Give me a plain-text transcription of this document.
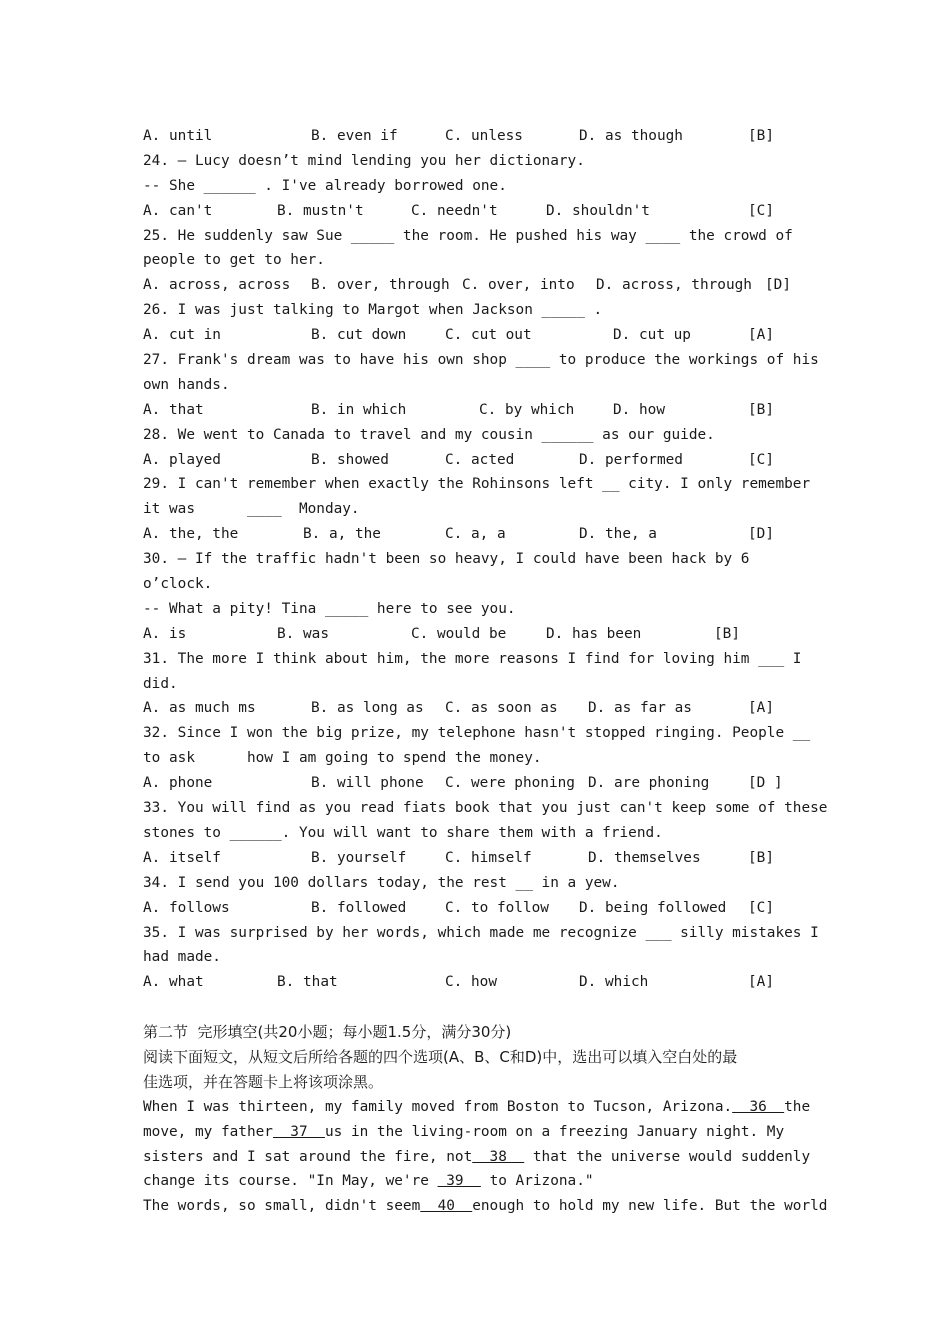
A. until

	B. even if

	C. unless

	D. as though

	[B]

24. – Lucy doesn’t mind lending you her dictionary.
-- She ______ . I've already borrowed one.

A. can't

	B. mustn't

	C. needn't

	D. shouldn't

	[C]

25. He suddenly saw Sue _____ the room. He pushed his way ____ the crowd of
people to get to her.

A. across, across

B. over, through

C. over, into

D. across, through

[D]

26. I was just talking to Margot when Jackson _____ .

A. cut in

	B. cut down

	C. cut out

	D. cut up

	[A]

27. Frank's dream was to have his own shop ____ to produce the workings of his
own hands.

A. that

	B. in which

	C. by which

	D. how

	[B]

28. We went to Canada to travel and my cousin ______ as our guide.

A. played

	B. showed

	C. acted

	D. performed

	[C]

29. I can't remember when exactly the Rohinsons left __ city. I only remember
it was      ____  Monday.

A. the, the

	B. a, the

	C. a, a

	D. the, a

	[D]

30. – If the traffic hadn't been so heavy, I could have been hack by 6
o’clock.
-- What a pity! Tina _____ here to see you.

A. is

	B. was

	C. would be

	D. has been

	[B]

31. The more I think about him, the more reasons I find for loving him ___ I
did.

A. as much ms

	B. as long as

C. as soon as

D. as far as

	[A]

32. Since I won the big prize, my telephone hasn't stopped ringing. People __
to ask      how I am going to spend the money.

A. phone

	B. will phone

C. were phoning

D. are phoning

	[D ]

33. You will find as you read fiats book that you just can't keep some of these
stones to ______. You will want to share them with a friend.

A. itself

	B. yourself

	C. himself

	D. themselves

	[B]

34. I send you 100 dollars today, the rest __ in a yew.

A. follows

	B. followed

	C. to follow

D. being followed

[C]

35. I was surprised by her words, which made me recognize ___ silly mistakes I
had made.

A. what

	B. that

	C. how

	D. which

	[A]

第二节  完形填空(共20小题；每小题1.5分，满分30分)
阅读下面短文，从短文后所给各题的四个选项(A、B、C和D)中，选出可以填入空白处的最
佳选项，并在答题卡上将该项涂黑。
When I was thirteen, my family moved from Boston to Tucson, Arizona.  36  the
move, my father  37  us in the living-room on a freezing January night. My
sisters and I sat around the fire, not  38   that the universe would suddenly
change its course. "In May, we're  39   to Arizona."
The words, so small, didn't seem  40  enough to hold my new life. But the world
